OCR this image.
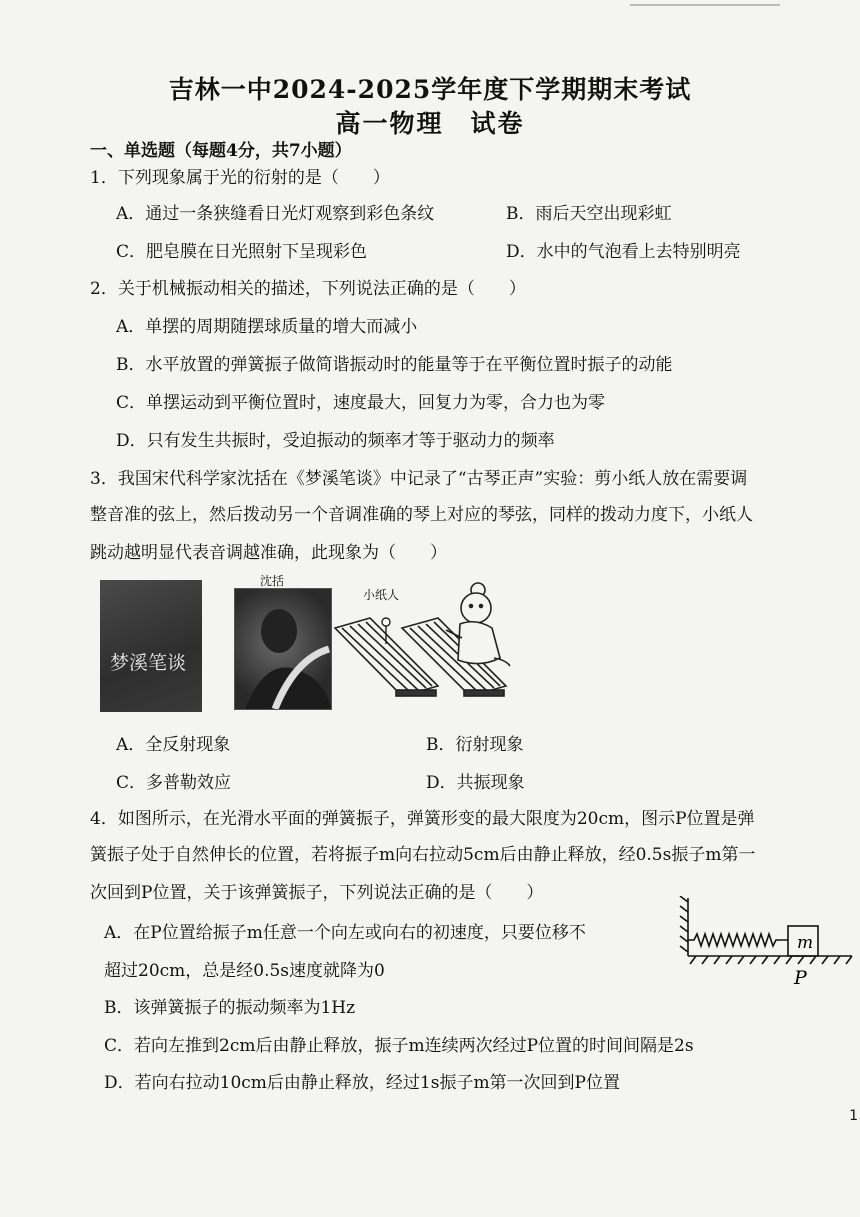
吉林一中2024-2025学年度下学期期末考试
高一物理　试卷
一、单选题（每题4分，共7小题）
1．下列现象属于光的衍射的是（　　）
A．通过一条狭缝看日光灯观察到彩色条纹	B．雨后天空出现彩虹
C．肥皂膜在日光照射下呈现彩色	D．水中的气泡看上去特别明亮
2．关于机械振动相关的描述，下列说法正确的是（　　）
A．单摆的周期随摆球质量的增大而减小
B．水平放置的弹簧振子做简谐振动时的能量等于在平衡位置时振子的动能
C．单摆运动到平衡位置时，速度最大，回复力为零，合力也为零
D．只有发生共振时，受迫振动的频率才等于驱动力的频率
3．我国宋代科学家沈括在《梦溪笔谈》中记录了“古琴正声”实验：剪小纸人放在需要调
整音准的弦上，然后拨动另一个音调准确的琴上对应的琴弦，同样的拨动力度下，小纸人
跳动越明显代表音调越准确，此现象为（　　）
梦溪笔谈
沈括
小纸人
A．全反射现象	B．衍射现象
C．多普勒效应	D．共振现象
4．如图所示，在光滑水平面的弹簧振子，弹簧形变的最大限度为20cm，图示P位置是弹
簧振子处于自然伸长的位置，若将振子m向右拉动5cm后由静止释放，经0.5s振子m第一
次回到P位置，关于该弹簧振子，下列说法正确的是（　　）
A．在P位置给振子m任意一个向左或向右的初速度，只要位移不
超过20cm，总是经0.5s速度就降为0
B．该弹簧振子的振动频率为1Hz
C．若向左推到2cm后由静止释放，振子m连续两次经过P位置的时间间隔是2s
D．若向右拉动10cm后由静止释放，经过1s振子m第一次回到P位置
m
P
1
